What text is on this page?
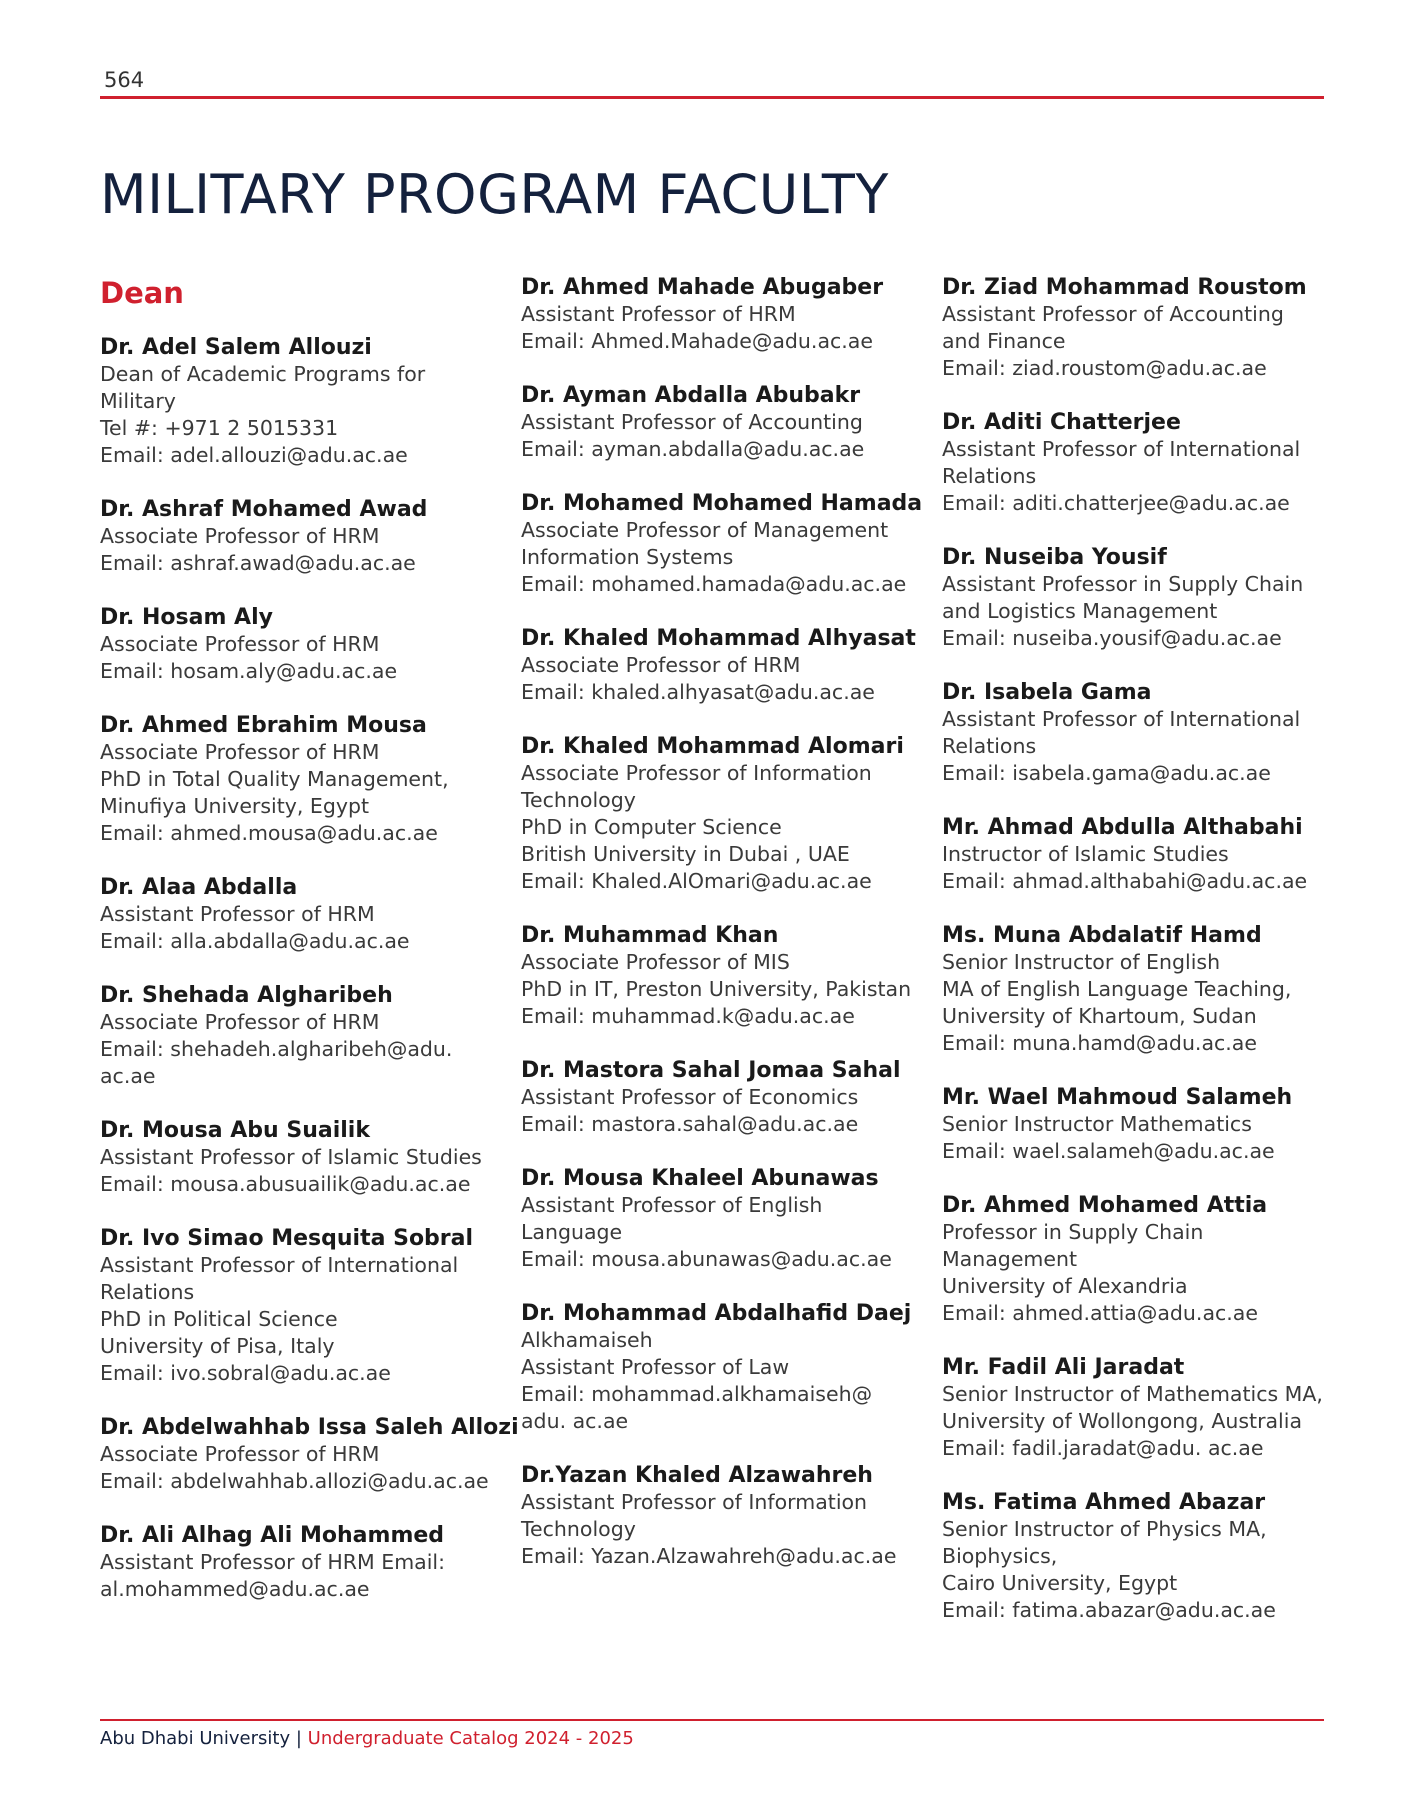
564
MILITARY PROGRAM FACULTY
Dean
Dr. Adel Salem Allouzi
Dean of Academic Programs for
Military
Tel #: +971 2 5015331
Email: adel.allouzi@adu.ac.ae
Dr. Ashraf Mohamed Awad
Associate Professor of HRM
Email: ashraf.awad@adu.ac.ae
Dr. Hosam Aly
Associate Professor of HRM
Email: hosam.aly@adu.ac.ae
Dr. Ahmed Ebrahim Mousa
Associate Professor of HRM
PhD in Total Quality Management,
Minufiya University, Egypt
Email: ahmed.mousa@adu.ac.ae
Dr. Alaa Abdalla
Assistant Professor of HRM
Email: alla.abdalla@adu.ac.ae
Dr. Shehada Algharibeh
Associate Professor of HRM
Email: shehadeh.algharibeh@adu.
ac.ae
Dr. Mousa Abu Suailik
Assistant Professor of Islamic Studies
Email: mousa.abusuailik@adu.ac.ae
Dr. Ivo Simao Mesquita Sobral
Assistant Professor of International
Relations
PhD in Political Science
University of Pisa, Italy
Email: ivo.sobral@adu.ac.ae
Dr. Abdelwahhab Issa Saleh Allozi
Associate Professor of HRM
Email: abdelwahhab.allozi@adu.ac.ae
Dr. Ali Alhag Ali Mohammed
Assistant Professor of HRM Email:
al.mohammed@adu.ac.ae
Dr. Ahmed Mahade Abugaber
Assistant Professor of HRM
Email: Ahmed.Mahade@adu.ac.ae
Dr. Ayman Abdalla Abubakr
Assistant Professor of Accounting
Email: ayman.abdalla@adu.ac.ae
Dr. Mohamed Mohamed Hamada
Associate Professor of Management
Information Systems
Email: mohamed.hamada@adu.ac.ae
Dr. Khaled Mohammad Alhyasat
Associate Professor of HRM
Email: khaled.alhyasat@adu.ac.ae
Dr. Khaled Mohammad Alomari
Associate Professor of Information
Technology
PhD in Computer Science
British University in Dubai , UAE
Email: Khaled.AlOmari@adu.ac.ae
Dr. Muhammad Khan
Associate Professor of MIS
PhD in IT, Preston University, Pakistan
Email: muhammad.k@adu.ac.ae
Dr. Mastora Sahal Jomaa Sahal
Assistant Professor of Economics
Email: mastora.sahal@adu.ac.ae
Dr. Mousa Khaleel Abunawas
Assistant Professor of English
Language
Email: mousa.abunawas@adu.ac.ae
Dr. Mohammad Abdalhafid Daej
Alkhamaiseh
Assistant Professor of Law
Email: mohammad.alkhamaiseh@
adu. ac.ae
Dr.Yazan Khaled Alzawahreh
Assistant Professor of Information
Technology
Email: Yazan.Alzawahreh@adu.ac.ae
Dr. Ziad Mohammad Roustom
Assistant Professor of Accounting
and Finance
Email: ziad.roustom@adu.ac.ae
Dr. Aditi Chatterjee
Assistant Professor of International
Relations
Email: aditi.chatterjee@adu.ac.ae
Dr. Nuseiba Yousif
Assistant Professor in Supply Chain
and Logistics Management
Email: nuseiba.yousif@adu.ac.ae
Dr. Isabela Gama
Assistant Professor of International
Relations
Email: isabela.gama@adu.ac.ae
Mr. Ahmad Abdulla Althabahi
Instructor of Islamic Studies
Email: ahmad.althabahi@adu.ac.ae
Ms. Muna Abdalatif Hamd
Senior Instructor of English
MA of English Language Teaching,
University of Khartoum, Sudan
Email: muna.hamd@adu.ac.ae
Mr. Wael Mahmoud Salameh
Senior Instructor Mathematics
Email: wael.salameh@adu.ac.ae
Dr. Ahmed Mohamed Attia
Professor in Supply Chain
Management
University of Alexandria
Email: ahmed.attia@adu.ac.ae
Mr. Fadil Ali Jaradat
Senior Instructor of Mathematics MA,
University of Wollongong, Australia
Email: fadil.jaradat@adu. ac.ae
Ms. Fatima Ahmed Abazar
Senior Instructor of Physics MA,
Biophysics,
Cairo University, Egypt
Email: fatima.abazar@adu.ac.ae
Abu Dhabi University | Undergraduate Catalog 2024 - 2025
